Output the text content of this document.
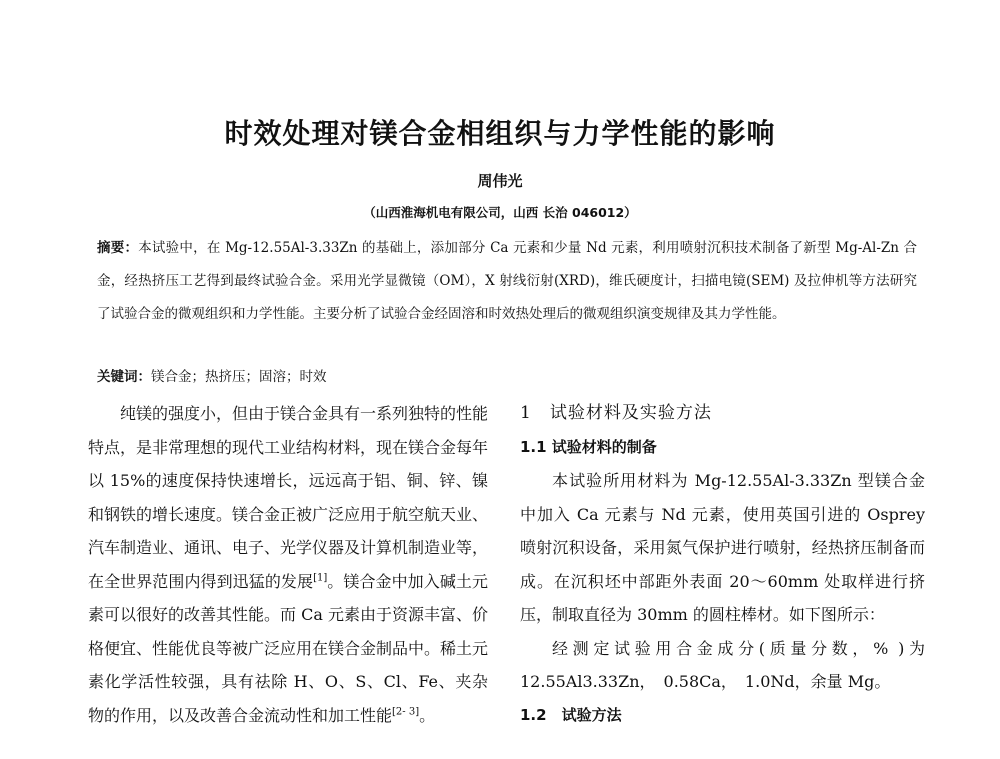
时效处理对镁合金相组织与力学性能的影响
周伟光
（山西淮海机电有限公司，山西 长治 046012）
摘要：本试验中，在 Mg-12.55Al-3.33Zn 的基础上，添加部分 Ca 元素和少量 Nd 元素，利用喷射沉积技术制备了新型 Mg-Al-Zn 合金，经热挤压工艺得到最终试验合金。采用光学显微镜（OM），X 射线衍射(XRD)，维氏硬度计，扫描电镜(SEM) 及拉伸机等方法研究了试验合金的微观组织和力学性能。主要分析了试验合金经固溶和时效热处理后的微观组织演变规律及其力学性能。
关键词：镁合金；热挤压；固溶；时效

纯镁的强度小，但由于镁合金具有一系列独特的性能特点，是非常理想的现代工业结构材料，现在镁合金每年以 15%的速度保持快速增长，远远高于铝、铜、锌、镍和钢铁的增长速度。镁合金正被广泛应用于航空航天业、汽车制造业、通讯、电子、光学仪器及计算机制造业等，在全世界范围内得到迅猛的发展[1]。镁合金中加入碱土元素可以很好的改善其性能。而 Ca 元素由于资源丰富、价格便宜、性能优良等被广泛应用在镁合金制品中。稀土元素化学活性较强，具有祛除 H、O、S、Cl、Fe、夹杂物的作用，以及改善合金流动性和加工性能[2- 3]。

1　试验材料及实验方法

1.1 试验材料的制备

本试验所用材料为 Mg-12.55Al-3.33Zn 型镁合金中加入 Ca 元素与 Nd 元素，使用英国引进的 Osprey 喷射沉积设备，采用氮气保护进行喷射，经热挤压制备而成。在沉积坯中部距外表面 20～60mm 处取样进行挤压，制取直径为 30mm 的圆柱棒材。如下图所示：

经测定试验用合金成分(质量分数，% )为 12.55Al3.33Zn，　0.58Ca，　1.0Nd，余量 Mg。

1.2　试验方法
